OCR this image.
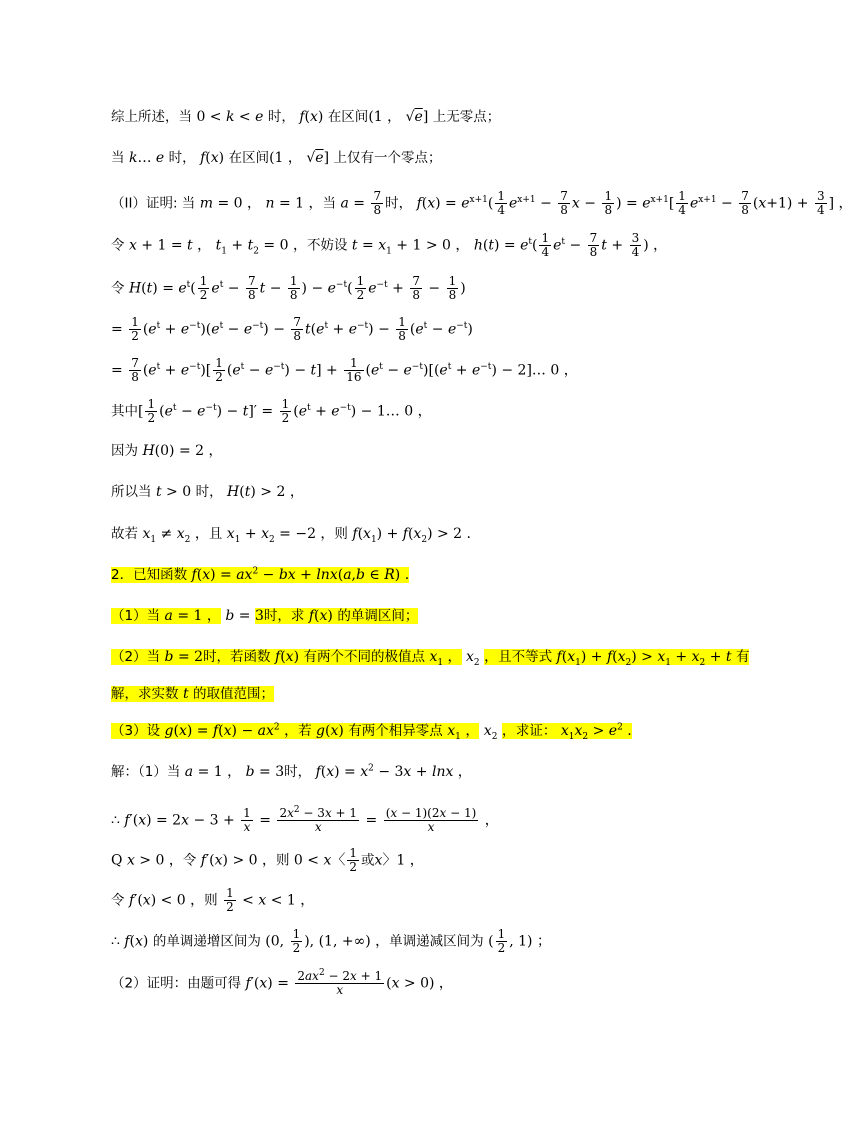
综上所述，当 0 < k < e 时， f(x) 在区间(1 ， √e] 上无零点；
当 k… e 时， f(x) 在区间(1 ， √e] 上仅有一个零点；
（II）证明: 当 m = 0 ， n = 1 ，当 $a = \frac{7}{8}$ 时， $f(x) = e^{x+1}( \frac{1}{4} e^{x+1} - \frac{7}{8}$ $x - \frac{1}{8}$ ) = $e^{x+1}[ \frac{1}{4} e^{x+1} - \frac{7}{8} (x+1) + \frac{3}{4}$ ] ，
令 x + 1 = t ， $t_1 + t_2 = 0$ ，不妨设 $t = x_1 + 1 > 0$ ， $h(t) = e^t( \frac{1}{4} e^t - \frac{7}{8}$ $t + \frac{3}{4}$ ) ，
令 $H(t) = e^t( \frac{1}{2} e^t - \frac{7}{8}$ $t - \frac{1}{8}$ ) − $e^{-t}( \frac{1}{2} e^{-t} + \frac{7}{8} - \frac{1}{8}$ )
= $\frac{1}{2} (e^t + e^{-t})(e^t - e^{-t}) - \frac{7}{8} t(e^t + e^{-t}) - \frac{1}{8} (e^t - e^{-t})$
= $\frac{7}{8} (e^t + e^{-t})[ \frac{1}{2} (e^t - e^{-t}) - t] + \frac{1}{16} (e^t - e^{-t})[(e^t + e^{-t})$ − 2]… 0 ，
其中[ $\frac{1}{2} (e^t - e^{-t}) - t]' = \frac{1}{2} (e^t + e^{-t})$ − 1… 0 ，
因为 H(0) = 2 ，
所以当 t > 0 时， H(t) > 2 ，
故若 $x_1 \ne x_2$ ，且 $x_1 + x_2 = -2$ ，则 $f(x_1) + f(x_2) > 2$ .
2．已知函数 $f(x) = ax^2$ − bx + lnx(a,b ∈ R) .
（1）当 a = 1 ， b = 3时，求 f(x) 的单调区间；
（2）当 b = 2时，若函数 f(x) 有两个不同的极值点 $x_1$ ， $x_2$ ，且不等式 $f(x_1) + f(x_2) > x_1 + x_2 + t$ 有
解，求实数 t 的取值范围；
（3）设 $g(x) = f(x) - ax^2$ ，若 g(x) 有两个相异零点 $x_1$ ， $x_2$ ，求证： $x_1x_2 > e^2$ .
解：（1）当 a = 1 ， b = 3时， $f(x) = x^2 - 3x + \ln x$ ，
∴ $f'(x) = 2x - 3 + \frac{1}{x} = \frac{2x^2 - 3x + 1}{x} = \frac{(x - 1)(2x - 1)}{x}$ ，
Q x > 0 ，令 f′(x) > 0 ，则 0 < x〈 $\frac{1}{2}$ 或x〉1 ，
令 f′(x) < 0 ，则 $\frac{1}{2} < x < 1$ ，
∴ f(x) 的单调递增区间为 (0, $\frac{1}{2}$ ), (1, +∞) ，单调递减区间为 ( $\frac{1}{2}$ , 1) ；
（2）证明：由题可得 $f'(x) = \frac{2ax^2 - 2x + 1}{x} (x > 0)$ ，
